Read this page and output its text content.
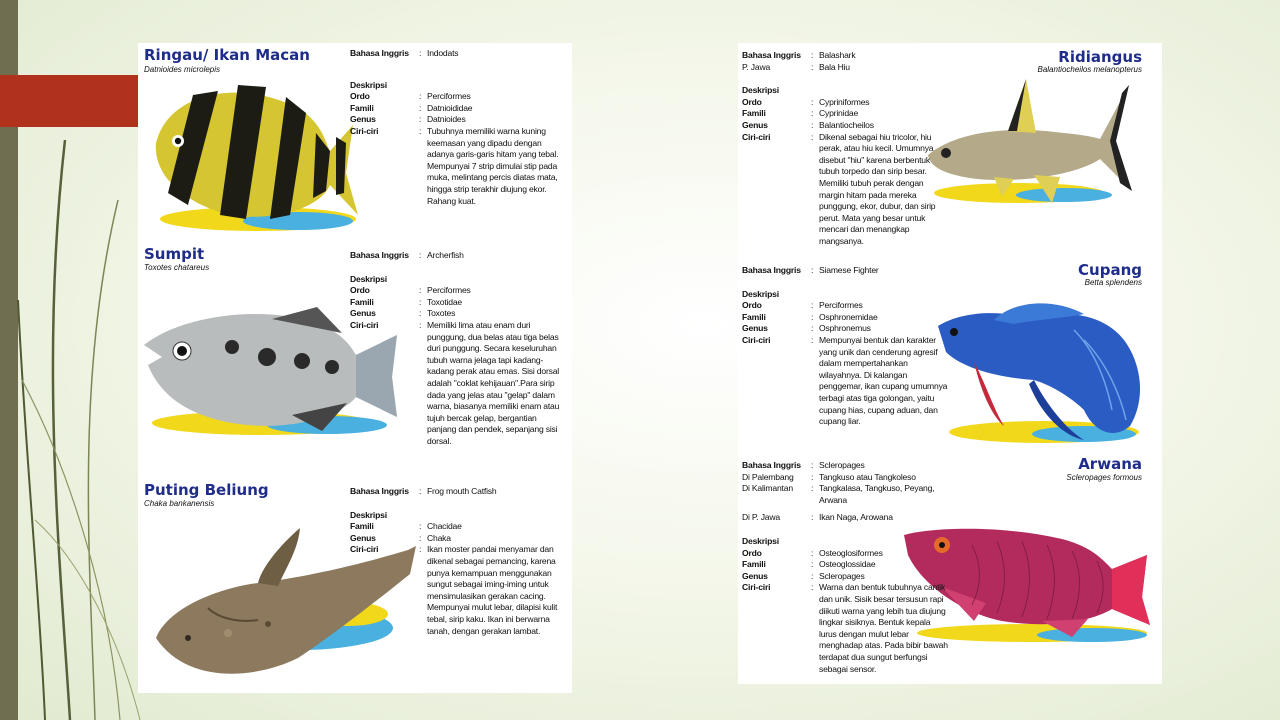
Ringau/ Ikan Macan
Datnioides microlepis
Bahasa Inggris	: Indodats
Deskripsi
Ordo	: Perciformes
Famili	: Datnioididae
Genus	: Datnioides
Ciri-ciri	: Tubuhnya memiliki warna kuning keemasan yang dipadu dengan adanya garis-garis hitam yang tebal. Mempunyai 7 strip dimulai stip pada muka, melintang percis diatas mata, hingga strip terakhir diujung ekor. Rahang kuat.
Sumpit
Toxotes chatareus
Bahasa Inggris	: Archerfish
Deskripsi
Ordo	: Perciformes
Famili	: Toxotidae
Genus	: Toxotes
Ciri-ciri	: Memiliki lima atau enam duri punggung, dua belas atau tiga belas duri punggung. Secara keseluruhan tubuh warna jelaga tapi kadang-kadang perak atau emas. Sisi dorsal adalah "coklat kehijauan".Para sirip dada yang jelas atau "gelap" dalam warna, biasanya memiliki enam atau tujuh bercak gelap, bergantian panjang dan pendek, sepanjang sisi dorsal.
Puting Beliung
Chaka bankanensis
Bahasa Inggris	: Frog mouth Catfish
Deskripsi
Famili	: Chacidae
Genus	: Chaka
Ciri-ciri	: Ikan moster pandai menyamar dan dikenal sebagai pemancing, karena punya kemampuan menggunakan sungut sebagai iming-iming untuk mensimulasikan gerakan cacing. Mempunyai mulut lebar, dilapisi kulit tebal, sirip kaku. Ikan ini berwarna tanah, dengan gerakan lambat.
Ridiangus
Balantiocheilos melanopterus
Bahasa Inggris	: Balashark
P. Jawa	: Bala Hiu
Deskripsi
Ordo	: Cypriniformes
Famili	: Cyprinidae
Genus	: Balantiocheilos
Ciri-ciri	: Dikenal sebagai hiu tricolor, hiu perak, atau hiu kecil. Umumnya disebut "hiu" karena berbentuk tubuh torpedo dan sirip besar. Memiliki tubuh perak dengan margin hitam pada mereka punggung, ekor, dubur, dan sirip perut. Mata yang besar untuk mencari dan menangkap mangsanya.
Cupang
Betta splendens
Bahasa Inggris	: Siamese Fighter
Deskripsi
Ordo	: Perciformes
Famili	: Osphronemidae
Genus	: Osphronemus
Ciri-ciri	: Mempunyai bentuk dan karakter yang unik dan cenderung agresif dalam mempertahankan wilayahnya. Di kalangan penggemar, ikan cupang umumnya terbagi atas tiga golongan, yaitu cupang hias, cupang aduan, dan cupang liar.
Arwana
Scleropages formous
Bahasa Inggris	: Scleropages
Di Palembang	: Tangkuso atau Tangkoleso
Di Kalimantan	: Tangkalasa, Tangkuso, Peyang, Arwana
Di P. Jawa	: Ikan Naga, Arowana
Deskripsi
Ordo	: Osteoglosiformes
Famili	: Osteoglossidae
Genus	: Scleropages
Ciri-ciri	: Warna dan bentuk tubuhnya cantik dan unik. Sisik besar tersusun rapi diikuti warna yang lebih tua diujung lingkar sisiknya. Bentuk kepala lurus dengan mulut lebar menghadap atas. Pada bibir bawah terdapat dua sungut berfungsi sebagai sensor.
